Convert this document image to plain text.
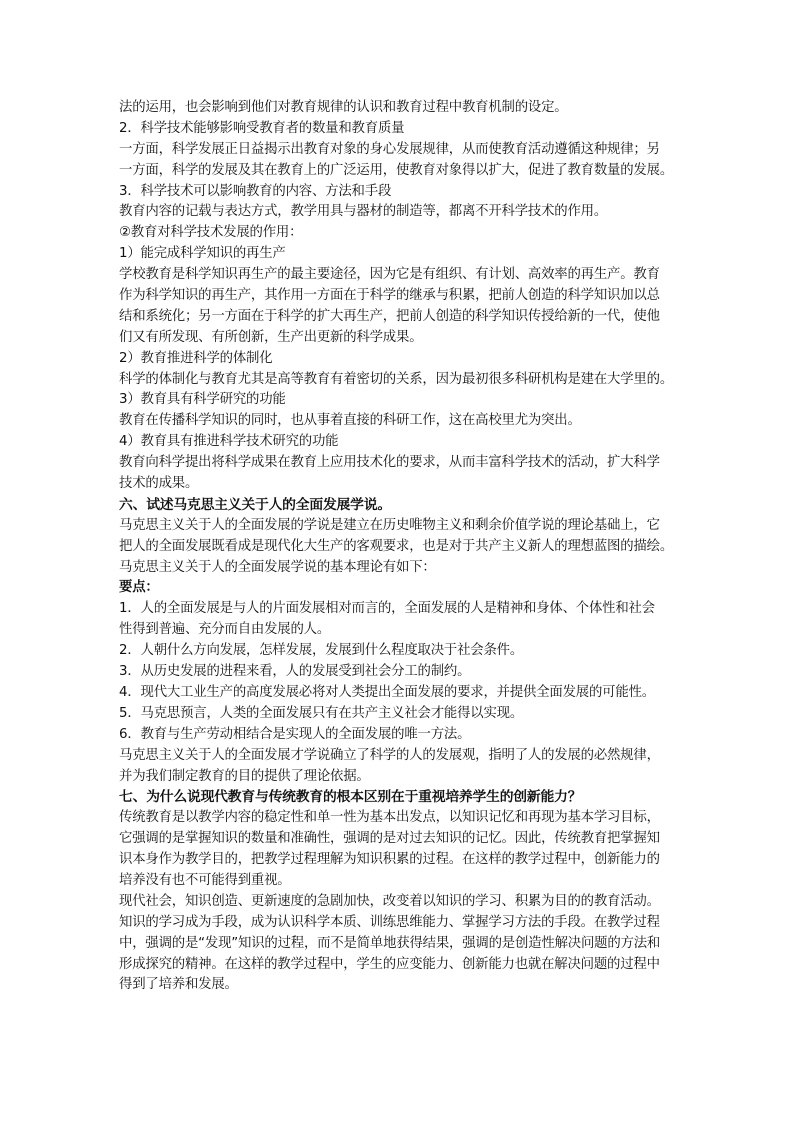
法的运用，也会影响到他们对教育规律的认识和教育过程中教育机制的设定。
2．科学技术能够影响受教育者的数量和教育质量
一方面，科学发展正日益揭示出教育对象的身心发展规律，从而使教育活动遵循这种规律；另
一方面，科学的发展及其在教育上的广泛运用，使教育对象得以扩大，促进了教育数量的发展。
3．科学技术可以影响教育的内容、方法和手段
教育内容的记载与表达方式，教学用具与器材的制造等，都离不开科学技术的作用。
②教育对科学技术发展的作用：
1）能完成科学知识的再生产
学校教育是科学知识再生产的最主要途径，因为它是有组织、有计划、高效率的再生产。教育
作为科学知识的再生产，其作用一方面在于科学的继承与积累，把前人创造的科学知识加以总
结和系统化；另一方面在于科学的扩大再生产，把前人创造的科学知识传授给新的一代，使他
们又有所发现、有所创新，生产出更新的科学成果。
2）教育推进科学的体制化
科学的体制化与教育尤其是高等教育有着密切的关系，因为最初很多科研机构是建在大学里的。
3）教育具有科学研究的功能
教育在传播科学知识的同时，也从事着直接的科研工作，这在高校里尤为突出。
4）教育具有推进科学技术研究的功能
教育向科学提出将科学成果在教育上应用技术化的要求，从而丰富科学技术的活动，扩大科学
技术的成果。
六、试述马克思主义关于人的全面发展学说。
马克思主义关于人的全面发展的学说是建立在历史唯物主义和剩余价值学说的理论基础上，它
把人的全面发展既看成是现代化大生产的客观要求，也是对于共产主义新人的理想蓝图的描绘。
马克思主义关于人的全面发展学说的基本理论有如下：
要点：
1．人的全面发展是与人的片面发展相对而言的，全面发展的人是精神和身体、个体性和社会
性得到普遍、充分而自由发展的人。
2．人朝什么方向发展，怎样发展，发展到什么程度取决于社会条件。
3．从历史发展的进程来看，人的发展受到社会分工的制约。
4．现代大工业生产的高度发展必将对人类提出全面发展的要求，并提供全面发展的可能性。
5．马克思预言，人类的全面发展只有在共产主义社会才能得以实现。
6．教育与生产劳动相结合是实现人的全面发展的唯一方法。
马克思主义关于人的全面发展才学说确立了科学的人的发展观，指明了人的发展的必然规律，
并为我们制定教育的目的提供了理论依据。
七、为什么说现代教育与传统教育的根本区别在于重视培养学生的创新能力？
传统教育是以教学内容的稳定性和单一性为基本出发点，以知识记忆和再现为基本学习目标，
它强调的是掌握知识的数量和准确性，强调的是对过去知识的记忆。因此，传统教育把掌握知
识本身作为教学目的，把教学过程理解为知识积累的过程。在这样的教学过程中，创新能力的
培养没有也不可能得到重视。
现代社会，知识创造、更新速度的急剧加快，改变着以知识的学习、积累为目的的教育活动。
知识的学习成为手段，成为认识科学本质、训练思维能力、掌握学习方法的手段。在教学过程
中，强调的是“发现”知识的过程，而不是简单地获得结果，强调的是创造性解决问题的方法和
形成探究的精神。在这样的教学过程中，学生的应变能力、创新能力也就在解决问题的过程中
得到了培养和发展。
